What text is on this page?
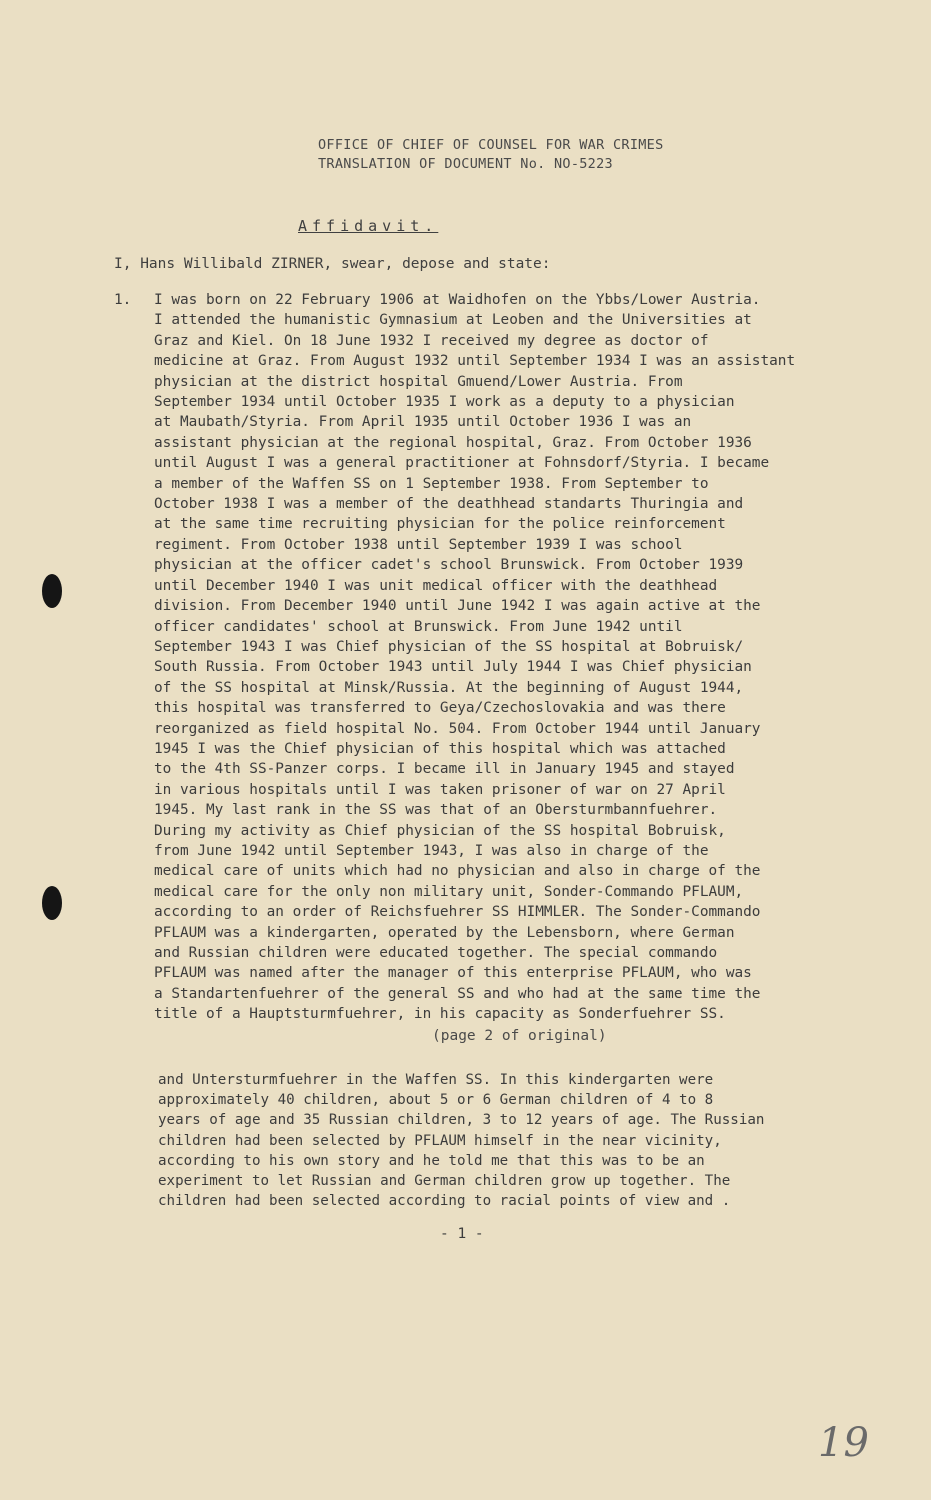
OFFICE OF CHIEF OF COUNSEL FOR WAR CRIMES
TRANSLATION OF DOCUMENT No. NO-5223
Affidavit.
I, Hans Willibald ZIRNER, swear, depose and state:
1. I was born on 22 February 1906 at Waidhofen on the Ybbs/Lower Austria.
I attended the humanistic Gymnasium at Leoben and the Universities at
Graz and Kiel. On 18 June 1932 I received my degree as doctor of
medicine at Graz. From August 1932 until September 1934 I was an assistant
physician at the district hospital Gmuend/Lower Austria. From
September 1934 until October 1935 I work as a deputy to a physician
at Maubath/Styria. From April 1935 until October 1936 I was an
assistant physician at the regional hospital, Graz. From October 1936
until August I was a general practitioner at Fohnsdorf/Styria. I became
a member of the Waffen SS on 1 September 1938. From September to
October 1938 I was a member of the deathhead standarts Thuringia and
at the same time recruiting physician for the police reinforcement
regiment. From October 1938 until September 1939 I was school
physician at the officer cadet's school Brunswick. From October 1939
until December 1940 I was unit medical officer with the deathhead
division. From December 1940 until June 1942 I was again active at the
officer candidates' school at Brunswick. From June 1942 until
September 1943 I was Chief physician of the SS hospital at Bobruisk/
South Russia. From October 1943 until July 1944 I was Chief physician
of the SS hospital at Minsk/Russia. At the beginning of August 1944,
this hospital was transferred to Geya/Czechoslovakia and was there
reorganized as field hospital No. 504. From October 1944 until January
1945 I was the Chief physician of this hospital which was attached
to the 4th SS-Panzer corps. I became ill in January 1945 and stayed
in various hospitals until I was taken prisoner of war on 27 April
1945. My last rank in the SS was that of an Obersturmbannfuehrer.
During my activity as Chief physician of the SS hospital Bobruisk,
from June 1942 until September 1943, I was also in charge of the
medical care of units which had no physician and also in charge of the
medical care for the only non military unit, Sonder-Commando PFLAUM,
according to an order of Reichsfuehrer SS HIMMLER. The Sonder-Commando
PFLAUM was a kindergarten, operated by the Lebensborn, where German
and Russian children were educated together. The special commando
PFLAUM was named after the manager of this enterprise PFLAUM, who was
a Standartenfuehrer of the general SS and who had at the same time the
title of a Hauptsturmfuehrer, in his capacity as Sonderfuehrer SS.
(page 2 of original)
and Untersturmfuehrer in the Waffen SS. In this kindergarten were
approximately 40 children, about 5 or 6 German children of 4 to 8
years of age and 35 Russian children, 3 to 12 years of age. The Russian
children had been selected by PFLAUM himself in the near vicinity,
according to his own story and he told me that this was to be an
experiment to let Russian and German children grow up together. The
children had been selected according to racial points of view and .
- 1 -
19
